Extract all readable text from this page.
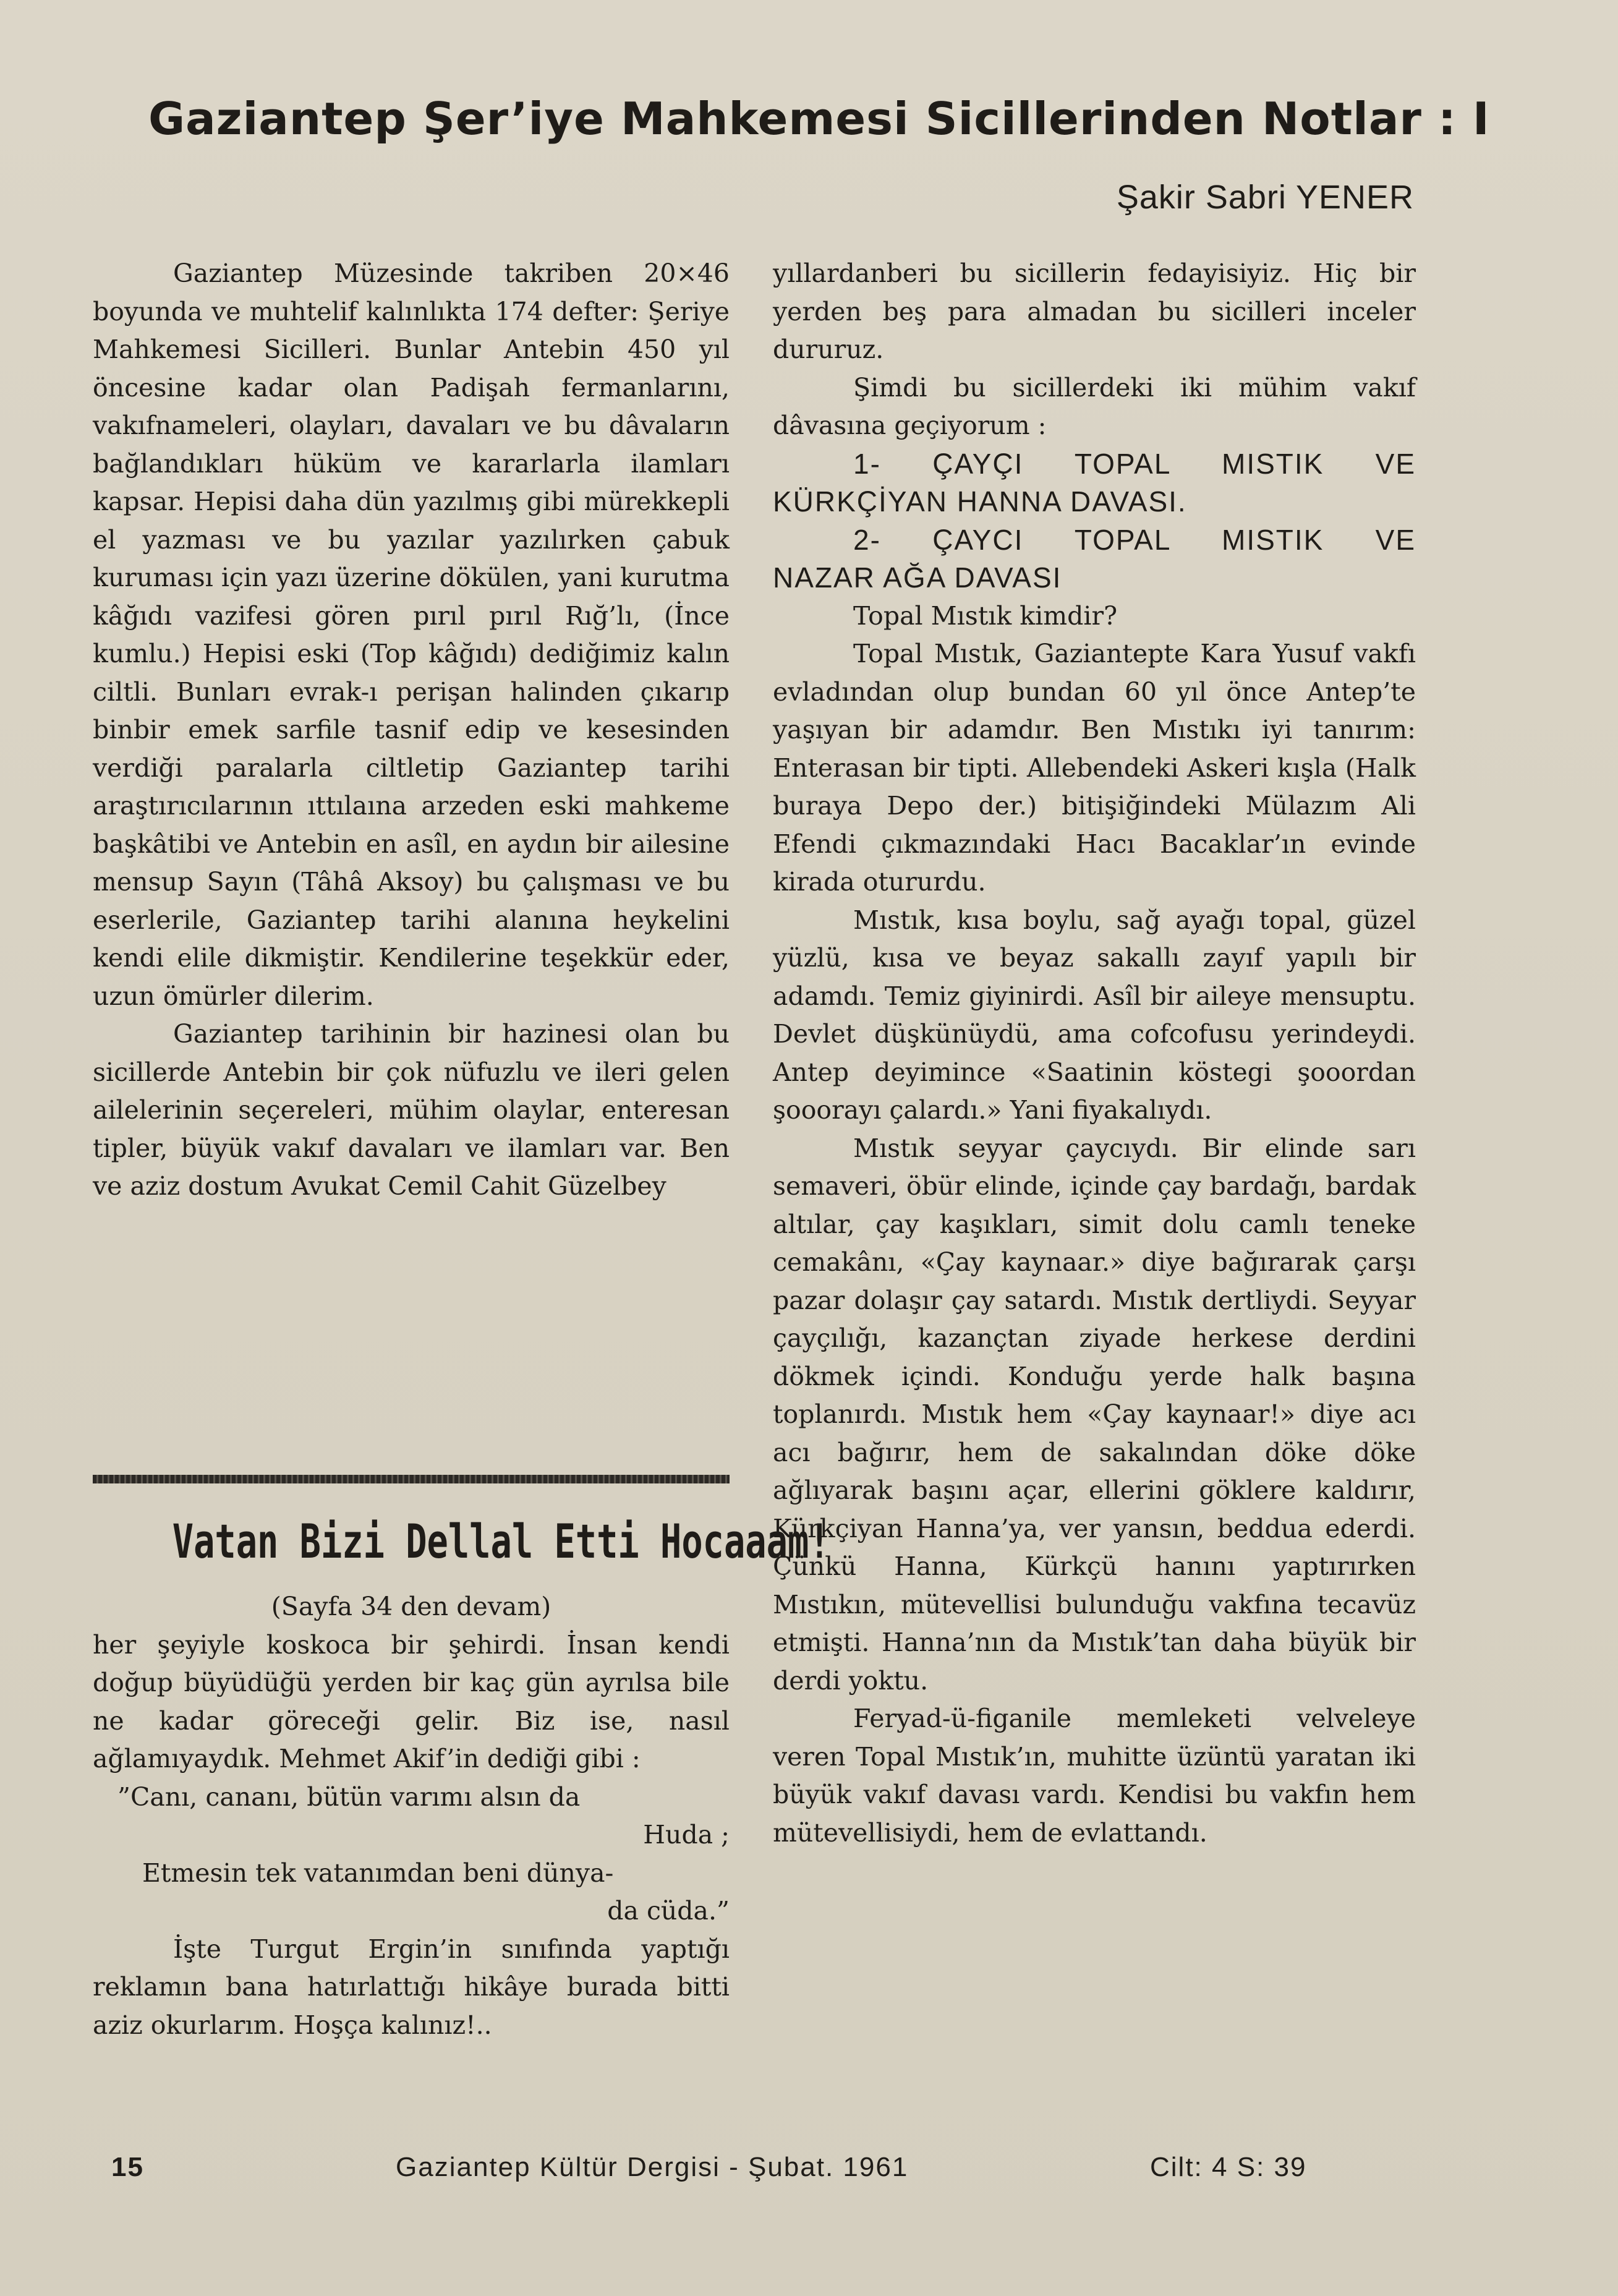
Gaziantep Şer’iye Mahkemesi Sicillerinden Notlar : I
Şakir Sabri YENER

Gaziantep Müzesinde takriben 20×46 boyunda ve muhtelif kalınlıkta 174 defter: Şeriye Mahkemesi Sicilleri. Bunlar Antebin 450 yıl öncesine kadar olan Padişah fermanlarını, vakıfnameleri, olayları, davaları ve bu dâvaların bağlandıkları hüküm ve kararlarla ilamları kapsar. Hepisi daha dün yazılmış gibi mürekkepli el yazması ve bu yazılar yazılırken çabuk kuruması için yazı üzerine dökülen, yani kurutma kâğıdı vazifesi gören pırıl pırıl Rığ’lı, (İnce kumlu.) Hepisi eski (Top kâğıdı) dediğimiz kalın ciltli. Bunları evrak-ı perişan halinden çıkarıp binbir emek sarfile tasnif edip ve kesesinden verdiği paralarla ciltletip Gaziantep tarihi araştırıcılarının ıttılaına arzeden eski mahkeme başkâtibi ve Antebin en asîl, en aydın bir ailesine mensup Sayın (Tâhâ Aksoy) bu çalışması ve bu eserlerile, Gaziantep tarihi alanına heykelini kendi elile dikmiştir. Kendilerine teşekkür eder, uzun ömürler dilerim.

Gaziantep tarihinin bir hazinesi olan bu sicillerde Antebin bir çok nüfuzlu ve ileri gelen ailelerinin seçereleri, mühim olaylar, enteresan tipler, büyük vakıf davaları ve ilamları var. Ben ve aziz dostum Avukat Cemil Cahit Güzelbey

Vatan Bizi Dellal Etti Hocaaam!

(Sayfa 34 den devam)

her şeyiyle koskoca bir şehirdi. İnsan kendi doğup büyüdüğü yerden bir kaç gün ayrılsa bile ne kadar göreceği gelir. Biz ise, nasıl ağlamıyaydık. Mehmet Akif’in dediği gibi :

”Canı, cananı, bütün varımı alsın da

Huda ;

Etmesin tek vatanımdan beni dünya-

da cüda.”

İşte Turgut Ergin’in sınıfında yaptığı reklamın bana hatırlattığı hikâye burada bitti aziz okurlarım. Hoşça kalınız!..

yıllardanberi bu sicillerin fedayisiyiz. Hiç bir yerden beş para almadan bu sicilleri inceler dururuz.

Şimdi bu sicillerdeki iki mühim vakıf dâvasına geçiyorum :

1- ÇAYÇI TOPAL MISTIK VE

KÜRKÇİYAN HANNA DAVASI.

2- ÇAYCI TOPAL MISTIK VE

NAZAR AĞA DAVASI

Topal Mıstık kimdir?

Topal Mıstık, Gaziantepte Kara Yusuf vakfı evladından olup bundan 60 yıl önce Antep’te yaşıyan bir adamdır. Ben Mıstıkı iyi tanırım: Enterasan bir tipti. Allebendeki Askeri kışla (Halk buraya Depo der.) bitişiğindeki Mülazım Ali Efendi çıkmazındaki Hacı Bacaklar’ın evinde kirada otururdu.

Mıstık, kısa boylu, sağ ayağı topal, güzel yüzlü, kısa ve beyaz sakallı zayıf yapılı bir adamdı. Temiz giyinirdi. Asîl bir aileye mensuptu. Devlet düşkünüydü, ama cofcofusu yerindeydi. Antep deyimince «Saatinin köstegi şooordan şooorayı çalardı.» Yani fiyakalıydı.

Mıstık seyyar çaycıydı. Bir elinde sarı semaveri, öbür elinde, içinde çay bardağı, bardak altılar, çay kaşıkları, simit dolu camlı teneke cemakânı, «Çay kaynaar.» diye bağırarak çarşı pazar dolaşır çay satardı. Mıstık dertliydi. Seyyar çayçılığı, kazançtan ziyade herkese derdini dökmek içindi. Konduğu yerde halk başına toplanırdı. Mıstık hem «Çay kaynaar!» diye acı acı bağırır, hem de sakalından döke döke ağlıyarak başını açar, ellerini göklere kaldırır, Kürkçiyan Hanna’ya, ver yansın, beddua ederdi. Çünkü Hanna, Kürkçü hanını yaptırırken Mıstıkın, mütevellisi bulunduğu vakfına tecavüz etmişti. Hanna’nın da Mıstık’tan daha büyük bir derdi yoktu.

Feryad-ü-figanile memleketi velveleye veren Topal Mıstık’ın, muhitte üzüntü yaratan iki büyük vakıf davası vardı. Kendisi bu vakfın hem mütevellisiydi, hem de evlattandı.

15	Gaziantep Kültür Dergisi - Şubat. 1961	Cilt: 4 S: 39
